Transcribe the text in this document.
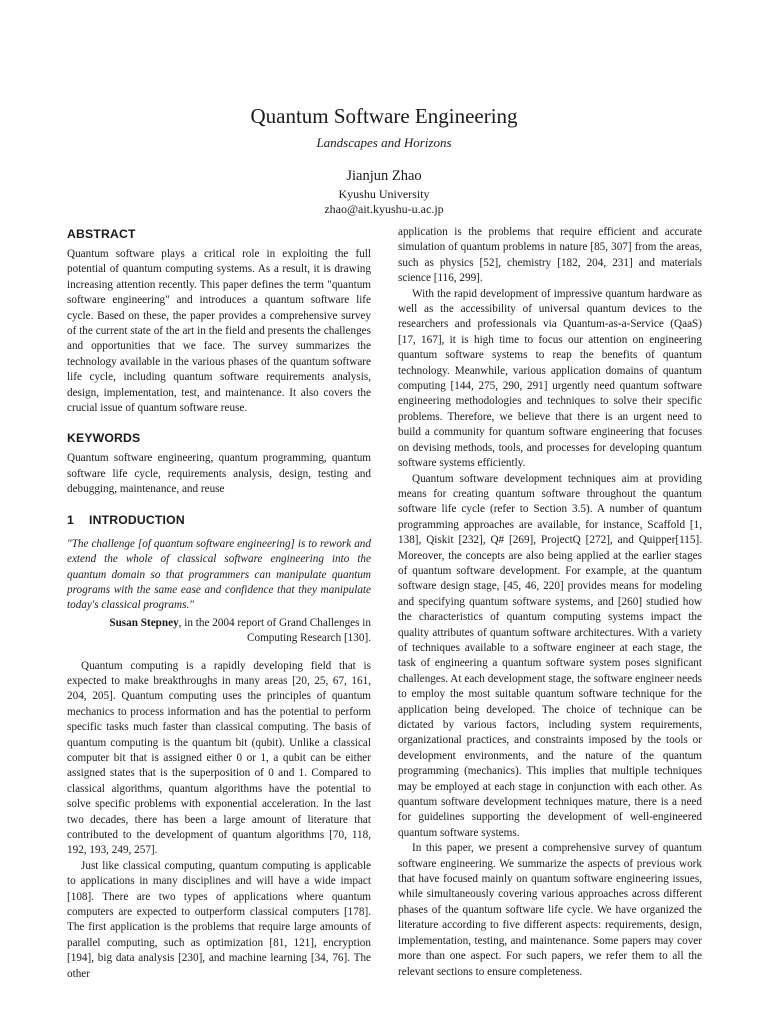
Quantum Software Engineering
Landscapes and Horizons
Jianjun Zhao
Kyushu University
zhao@ait.kyushu-u.ac.jp
ABSTRACT

Quantum software plays a critical role in exploiting the full potential of quantum computing systems. As a result, it is drawing increasing attention recently. This paper defines the term "quantum software engineering" and introduces a quantum software life cycle. Based on these, the paper provides a comprehensive survey of the current state of the art in the field and presents the challenges and opportunities that we face. The survey summarizes the technology available in the various phases of the quantum software life cycle, including quantum software requirements analysis, design, implementation, test, and maintenance. It also covers the crucial issue of quantum software reuse.

KEYWORDS

Quantum software engineering, quantum programming, quantum software life cycle, requirements analysis, design, testing and debugging, maintenance, and reuse

1 INTRODUCTION

"The challenge [of quantum software engineering] is to rework and extend the whole of classical software engineering into the quantum domain so that programmers can manipulate quantum programs with the same ease and confidence that they manipulate today's classical programs."

Susan Stepney, in the 2004 report of Grand Challenges in Computing Research [130].

Quantum computing is a rapidly developing field that is expected to make breakthroughs in many areas [20, 25, 67, 161, 204, 205]. Quantum computing uses the principles of quantum mechanics to process information and has the potential to perform specific tasks much faster than classical computing. The basis of quantum computing is the quantum bit (qubit). Unlike a classical computer bit that is assigned either 0 or 1, a qubit can be either assigned states that is the superposition of 0 and 1. Compared to classical algorithms, quantum algorithms have the potential to solve specific problems with exponential acceleration. In the last two decades, there has been a large amount of literature that contributed to the development of quantum algorithms [70, 118, 192, 193, 249, 257].

Just like classical computing, quantum computing is applicable to applications in many disciplines and will have a wide impact [108]. There are two types of applications where quantum computers are expected to outperform classical computers [178]. The first application is the problems that require large amounts of parallel computing, such as optimization [81, 121], encryption [194], big data analysis [230], and machine learning [34, 76]. The other

application is the problems that require efficient and accurate simulation of quantum problems in nature [85, 307] from the areas, such as physics [52], chemistry [182, 204, 231] and materials science [116, 299].

With the rapid development of impressive quantum hardware as well as the accessibility of universal quantum devices to the researchers and professionals via Quantum-as-a-Service (QaaS) [17, 167], it is high time to focus our attention on engineering quantum software systems to reap the benefits of quantum technology. Meanwhile, various application domains of quantum computing [144, 275, 290, 291] urgently need quantum software engineering methodologies and techniques to solve their specific problems. Therefore, we believe that there is an urgent need to build a community for quantum software engineering that focuses on devising methods, tools, and processes for developing quantum software systems efficiently.

Quantum software development techniques aim at providing means for creating quantum software throughout the quantum software life cycle (refer to Section 3.5). A number of quantum programming approaches are available, for instance, Scaffold [1, 138], Qiskit [232], Q# [269], ProjectQ [272], and Quipper[115]. Moreover, the concepts are also being applied at the earlier stages of quantum software development. For example, at the quantum software design stage, [45, 46, 220] provides means for modeling and specifying quantum software systems, and [260] studied how the characteristics of quantum computing systems impact the quality attributes of quantum software architectures. With a variety of techniques available to a software engineer at each stage, the task of engineering a quantum software system poses significant challenges. At each development stage, the software engineer needs to employ the most suitable quantum software technique for the application being developed. The choice of technique can be dictated by various factors, including system requirements, organizational practices, and constraints imposed by the tools or development environments, and the nature of the quantum programming (mechanics). This implies that multiple techniques may be employed at each stage in conjunction with each other. As quantum software development techniques mature, there is a need for guidelines supporting the development of well-engineered quantum software systems.

In this paper, we present a comprehensive survey of quantum software engineering. We summarize the aspects of previous work that have focused mainly on quantum software engineering issues, while simultaneously covering various approaches across different phases of the quantum software life cycle. We have organized the literature according to five different aspects: requirements, design, implementation, testing, and maintenance. Some papers may cover more than one aspect. For such papers, we refer them to all the relevant sections to ensure completeness.
